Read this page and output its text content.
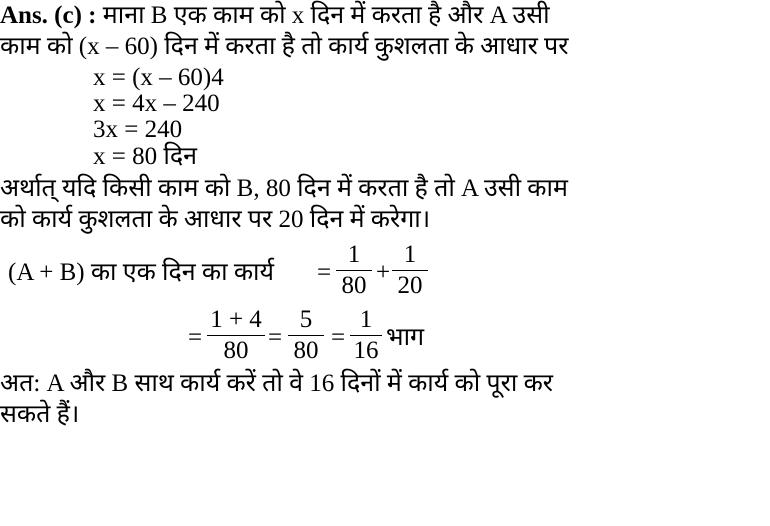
Ans. (c) : माना B एक काम को x दिन में करता है और A उसी
काम को (x – 60) दिन में करता है तो कार्य कुशलता के आधार पर
x = (x – 60)4
x = 4x – 240
3x = 240
x = 80 दिन
अर्थात् यदि किसी काम को B, 80 दिन में करता है तो A उसी काम
को कार्य कुशलता के आधार पर 20 दिन में करेगा।
(A + B) का एक दिन का कार्य =
1
80 +
1
20
=
1 + 4
80 =
5
80 =
1
16 भाग
अत: A और B साथ कार्य करें तो वे 16 दिनों में कार्य को पूरा कर
सकते हैं।
